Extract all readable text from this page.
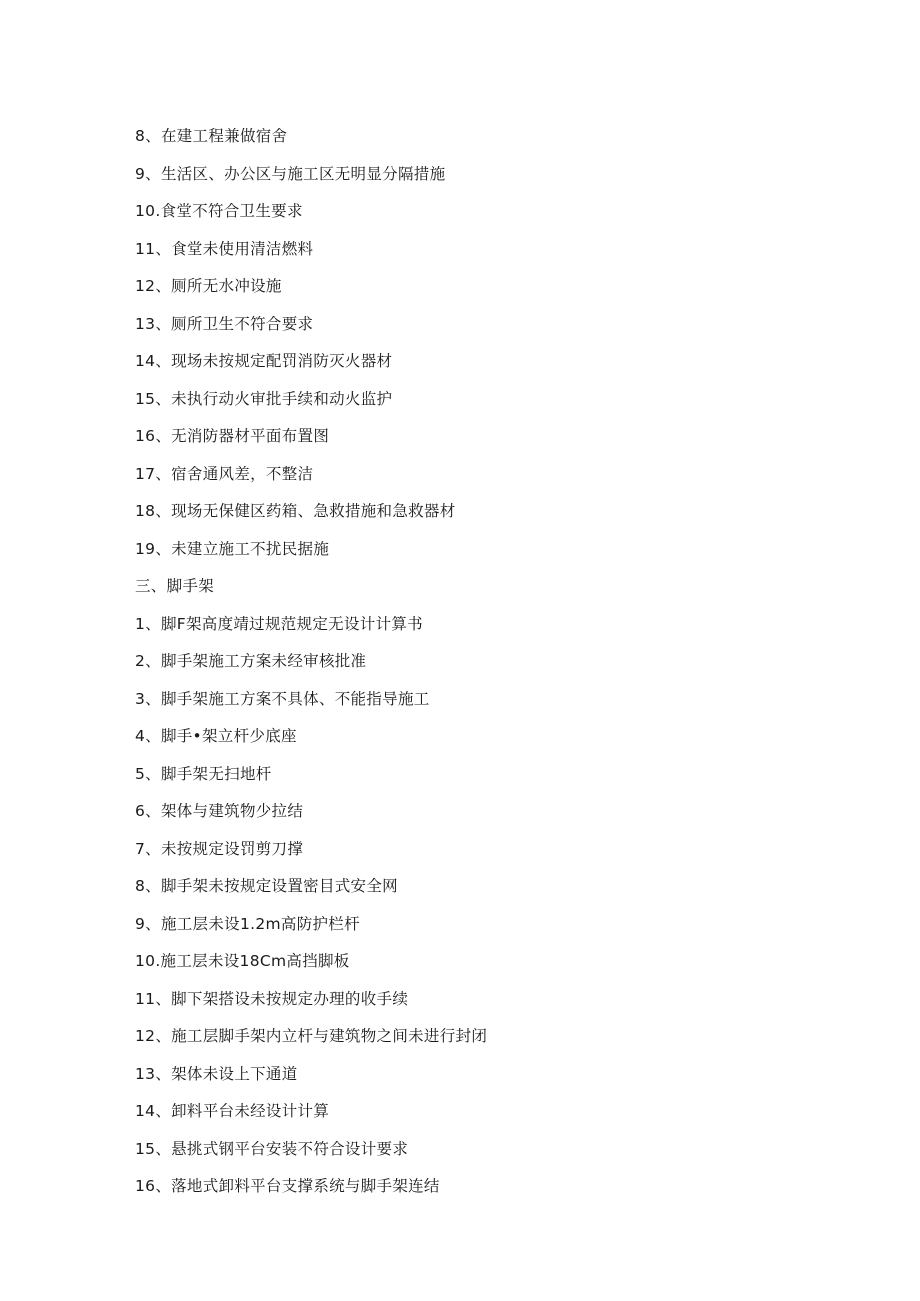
8、在建工程兼做宿舍
9、生活区、办公区与施工区无明显分隔措施
10.食堂不符合卫生要求
11、食堂未使用清洁燃料
12、厕所无水冲设施
13、厕所卫生不符合要求
14、现场未按规定配罚消防灭火器材
15、未执行动火审批手续和动火监护
16、无消防器材平面布置图
17、宿舍通风差，不整洁
18、现场无保健区药箱、急救措施和急救器材
19、未建立施工不扰民据施
三、脚手架
1、脚F架高度靖过规范规定无设计计算书
2、脚手架施工方案未经审核批准
3、脚手架施工方案不具体、不能指导施工
4、脚手•架立杆少底座
5、脚手架无扫地杆
6、架体与建筑物少拉结
7、未按规定设罚剪刀撑
8、脚手架未按规定设置密目式安全网
9、施工层未设1.2m高防护栏杆
10.施工层未设18Cm高挡脚板
11、脚下架搭设未按规定办理的收手续
12、施工层脚手架内立杆与建筑物之间未进行封闭
13、架体未设上下通道
14、卸料平台未经设计计算
15、悬挑式钢平台安装不符合设计要求
16、落地式卸料平台支撑系统与脚手架连结
